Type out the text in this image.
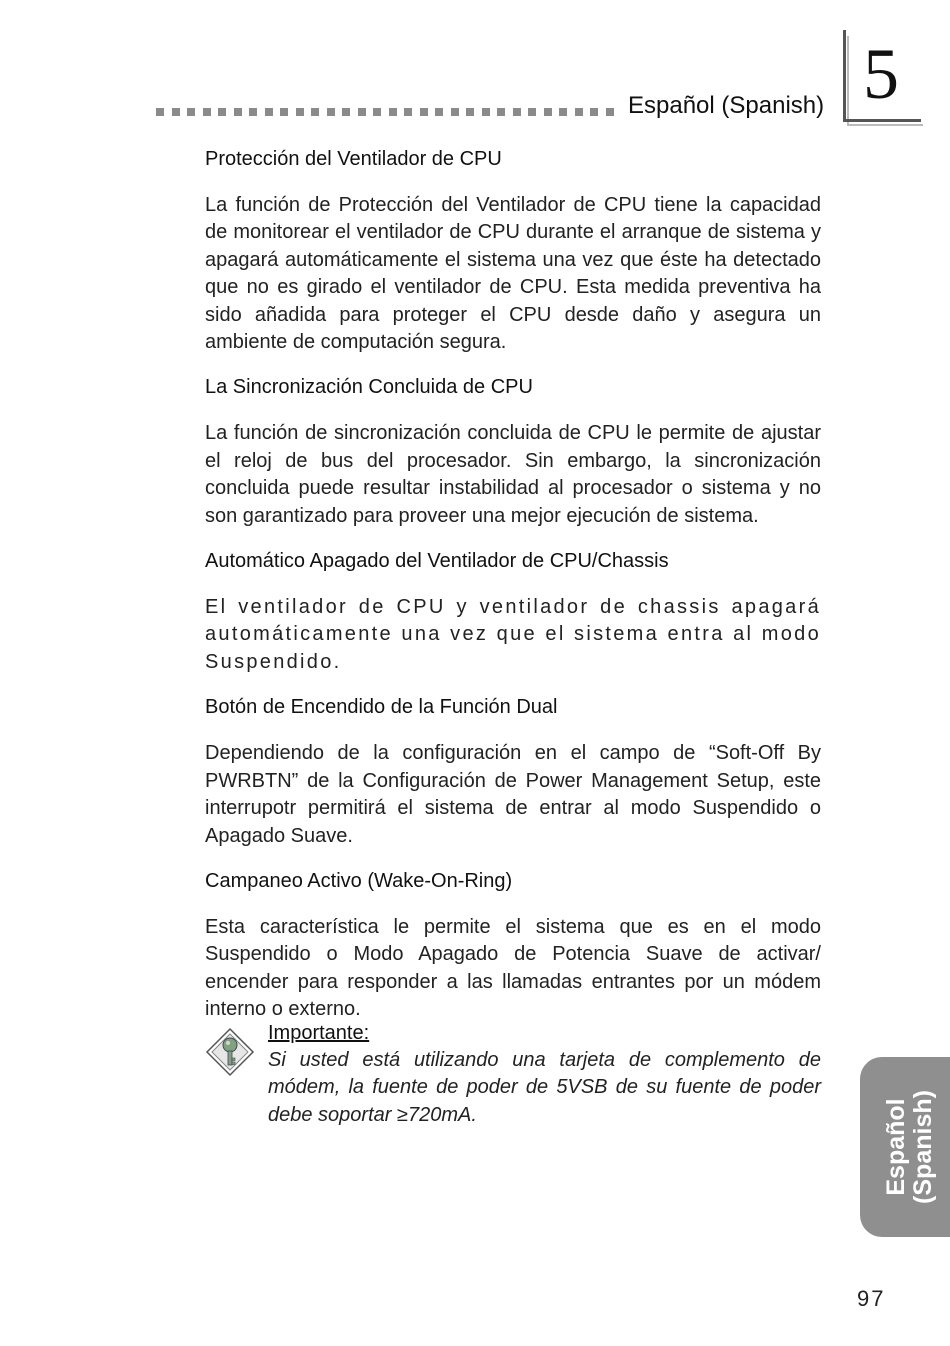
Español (Spanish) 5
Protección del Ventilador de CPU
La función de Protección del Ventilador de CPU tiene la capacidad de monitorear el ventilador de CPU durante el arranque de sistema y apagará automáticamente el sistema una vez que éste ha detectado que no es girado el ventilador de CPU. Esta medida preventiva ha sido añadida para proteger el CPU desde daño y asegura un ambiente de computación segura.
La Sincronización Concluida de CPU
La función de sincronización concluida de CPU le permite de ajustar el reloj de bus del procesador. Sin embargo, la sincronización concluida puede resultar instabilidad al procesador o sistema y no son garantizado para proveer una mejor ejecución de sistema.
Automático Apagado del Ventilador de CPU/Chassis
El ventilador de CPU y ventilador de chassis apagará automáticamente una vez que el sistema entra al modo Suspendido.
Botón de Encendido de la Función Dual
Dependiendo de la configuración en el campo de “Soft-Off By PWRBTN” de la Configuración de Power Management Setup, este interrupotr permitirá el sistema de entrar al modo Suspendido o Apagado Suave.
Campaneo Activo (Wake-On-Ring)
Esta característica le permite el sistema que es en el modo Suspendido o Modo Apagado de Potencia Suave de activar/ encender para responder a las llamadas entrantes por un módem interno o externo.
Importante:
Si usted está utilizando una tarjeta de complemento de módem, la fuente de poder de 5VSB de su fuente de poder debe soportar ≥720mA.	Español (Spanish)
97
